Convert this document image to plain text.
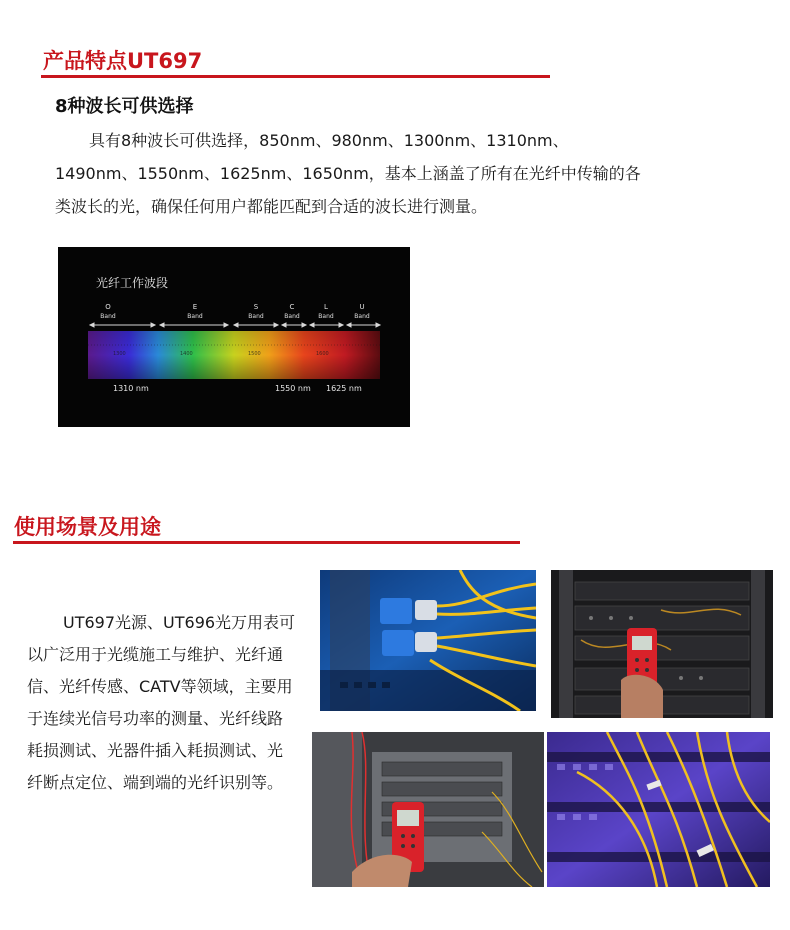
产品特点UT697
8种波长可供选择

具有8种波长可供选择，850nm、980nm、1300nm、1310nm、1490nm、1550nm、1625nm、1650nm，基本上涵盖了所有在光纤中传输的各类波长的光，确保任何用户都能匹配到合适的波长进行测量。

光纤工作波段
O
Band
E
Band
S
Band
C
Band
L
Band
U
Band
1300	1400	1500	1600
1310 nm	1550 nm 1625 nm
使用场景及用途

UT697光源、UT696光万用表可以广泛用于光缆施工与维护、光纤通信、光纤传感、CATV等领域，主要用于连续光信号功率的测量、光纤线路耗损测试、光器件插入耗损测试、光纤断点定位、端到端的光纤识别等。
